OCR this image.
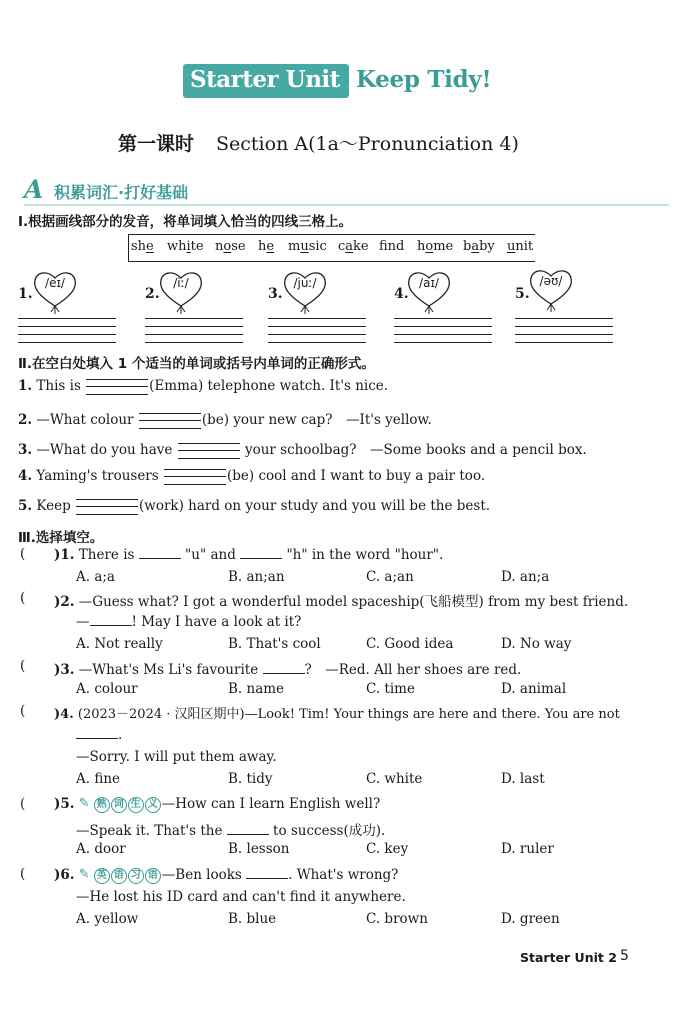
Starter Unit 2
Keep Tidy!
第一课时 Section A(1a～Pronunciation 4)
A 积累词汇·打好基础
Ⅰ.根据画线部分的发音，将单词填入恰当的四线三格上。
she white nose he music cake fnd home baby unit
1.
/eɪ/
2.
/iː/
3.
/juː/
4.
/aɪ/
5.
/əʊ/
Ⅱ.在空白处填入 1 个适当的单词或括号内单词的正确形式。
1. This is	(Emma) telephone watch. It's nice.
2. —What colour	(be) your new cap?　—It's yellow.
3. —What do you have	your schoolbag?　—Some books and a pencil box.
4. Yaming's trousers	(be) cool and I want to buy a pair too.
5. Keep	(work) hard on your study and you will be the best.
Ⅲ.选择填空。
( )1. There is	"u" and	"h" in the word "hour".
A. a;a	B. an;an	C. a;an	D. an;a
( )2. —Guess what? I got a wonderful model spaceship(飞船模型) from my best friend.
—	! May I have a look at it?
A. Not really	B. That's cool	C. Good idea	D. No way
( )3. —What's Ms Li's favourite	?　—Red. All her shoes are red.
A. colour	B. name	C. time	D. animal
( )4. (2023－2024 · 汉阳区期中)—Look! Tim! Your things are here and there. You are not
.
—Sorry. I will put them away.
A. fine	B. tidy	C. white	D. last
( )5. ✎ 熟 词 生 义 —How can I learn English well?
—Speak it. That's the	to success(成功).
A. door	B. lesson	C. key	D. ruler
( )6. ✎ 英 语 习 语 —Ben looks	. What's wrong?
—He lost his ID card and can't find it anywhere.
A. yellow	B. blue	C. brown	D. green
Starter Unit 2 5
